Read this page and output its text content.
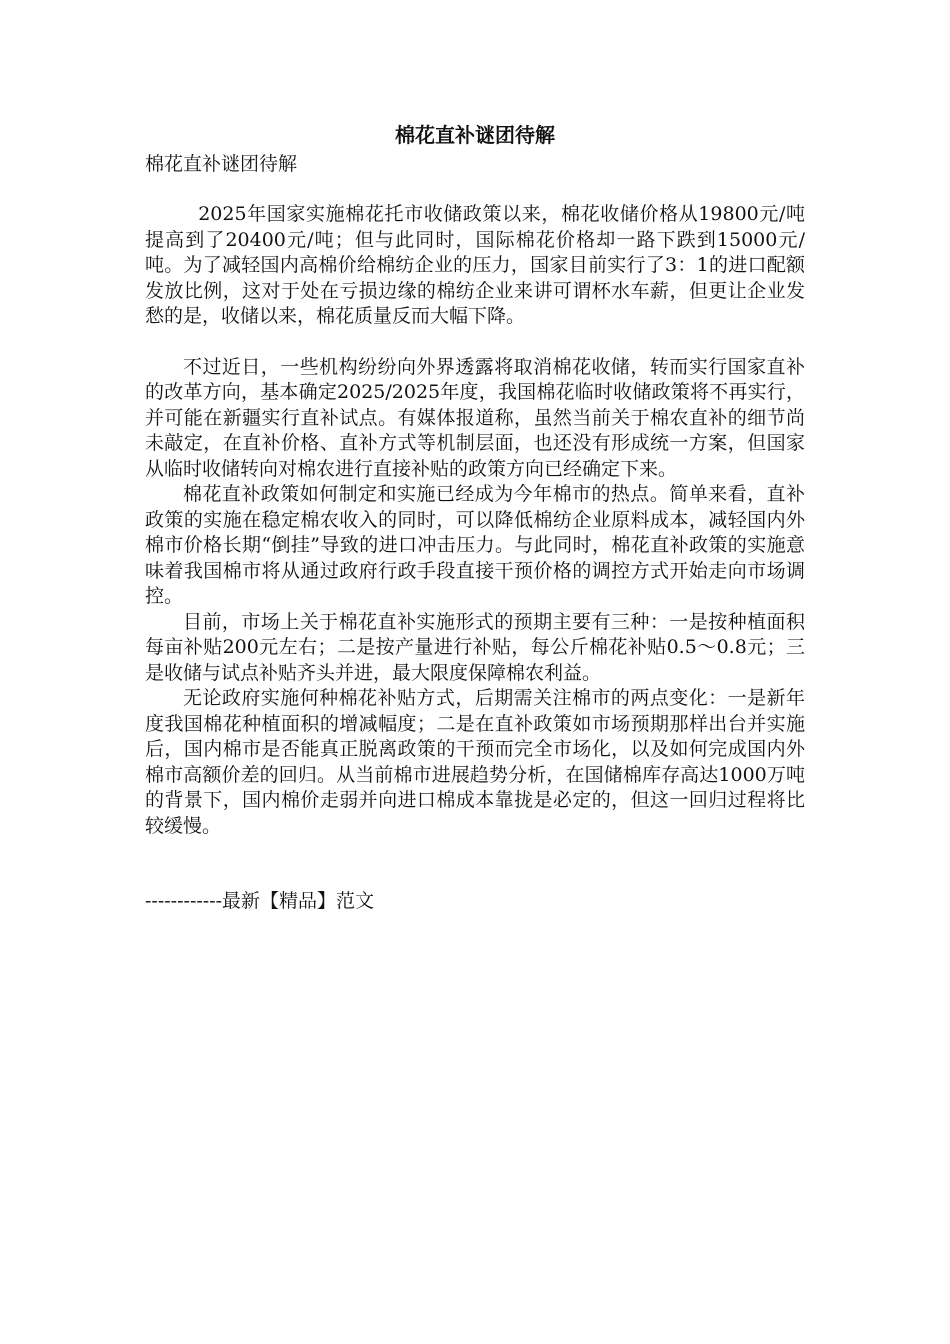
棉花直补谜团待解

棉花直补谜团待解

2025年国家实施棉花托市收储政策以来，棉花收储价格从19800元/吨提高到了20400元/吨；但与此同时，国际棉花价格却一路下跌到15000元/吨。为了减轻国内高棉价给棉纺企业的压力，国家目前实行了3：1的进口配额发放比例，这对于处在亏损边缘的棉纺企业来讲可谓杯水车薪，但更让企业发愁的是，收储以来，棉花质量反而大幅下降。

不过近日，一些机构纷纷向外界透露将取消棉花收储，转而实行国家直补的改革方向，基本确定2025/2025年度，我国棉花临时收储政策将不再实行，并可能在新疆实行直补试点。有媒体报道称，虽然当前关于棉农直补的细节尚未敲定，在直补价格、直补方式等机制层面，也还没有形成统一方案，但国家从临时收储转向对棉农进行直接补贴的政策方向已经确定下来。

棉花直补政策如何制定和实施已经成为今年棉市的热点。简单来看，直补政策的实施在稳定棉农收入的同时，可以降低棉纺企业原料成本，减轻国内外棉市价格长期“倒挂”导致的进口冲击压力。与此同时，棉花直补政策的实施意味着我国棉市将从通过政府行政手段直接干预价格的调控方式开始走向市场调控。

目前，市场上关于棉花直补实施形式的预期主要有三种：一是按种植面积每亩补贴200元左右；二是按产量进行补贴，每公斤棉花补贴0.5～0.8元；三是收储与试点补贴齐头并进，最大限度保障棉农利益。

无论政府实施何种棉花补贴方式，后期需关注棉市的两点变化：一是新年度我国棉花种植面积的增减幅度；二是在直补政策如市场预期那样出台并实施后，国内棉市是否能真正脱离政策的干预而完全市场化，以及如何完成国内外棉市高额价差的回归。从当前棉市进展趋势分析，在国储棉库存高达1000万吨的背景下，国内棉价走弱并向进口棉成本靠拢是必定的，但这一回归过程将比较缓慢。

------------最新【精品】范文
